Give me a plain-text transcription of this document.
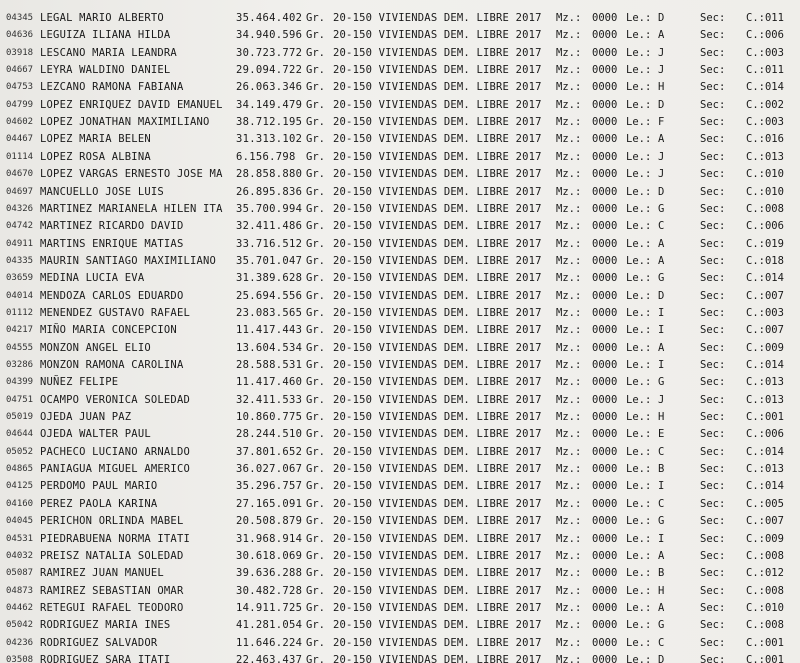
04345 LEGAL MARIO ALBERTO	35.464.402 Gr. 20-150 VIVIENDAS DEM. LIBRE 2017 Mz.: 0000 Le.: D	Sec: C.:011
04636 LEGUIZA ILIANA HILDA	34.940.596 Gr. 20-150 VIVIENDAS DEM. LIBRE 2017 Mz.: 0000 Le.: A	Sec: C.:006
03918 LESCANO MARIA LEANDRA	30.723.772 Gr. 20-150 VIVIENDAS DEM. LIBRE 2017 Mz.: 0000 Le.: J	Sec: C.:003
04667 LEYRA WALDINO DANIEL	29.094.722 Gr. 20-150 VIVIENDAS DEM. LIBRE 2017 Mz.: 0000 Le.: J	Sec: C.:011
04753 LEZCANO RAMONA FABIANA	26.063.346 Gr. 20-150 VIVIENDAS DEM. LIBRE 2017 Mz.: 0000 Le.: H	Sec: C.:014
04799 LOPEZ ENRIQUEZ DAVID EMANUEL 34.149.479 Gr. 20-150 VIVIENDAS DEM. LIBRE 2017 Mz.: 0000 Le.: D	Sec: C.:002
04602 LOPEZ JONATHAN MAXIMILIANO	38.712.195 Gr. 20-150 VIVIENDAS DEM. LIBRE 2017 Mz.: 0000 Le.: F	Sec: C.:003
04467 LOPEZ MARIA BELEN	31.313.102 Gr. 20-150 VIVIENDAS DEM. LIBRE 2017 Mz.: 0000 Le.: A	Sec: C.:016
01114 LOPEZ ROSA ALBINA	6.156.798 Gr. 20-150 VIVIENDAS DEM. LIBRE 2017 Mz.: 0000 Le.: J	Sec: C.:013
04670 LOPEZ VARGAS ERNESTO JOSE MA 28.858.880 Gr. 20-150 VIVIENDAS DEM. LIBRE 2017 Mz.: 0000 Le.: J	Sec: C.:010
04697 MANCUELLO JOSE LUIS	26.895.836 Gr. 20-150 VIVIENDAS DEM. LIBRE 2017 Mz.: 0000 Le.: D	Sec: C.:010
04326 MARTINEZ MARIANELA HILEN ITA 35.700.994 Gr. 20-150 VIVIENDAS DEM. LIBRE 2017 Mz.: 0000 Le.: G	Sec: C.:008
04742 MARTINEZ RICARDO DAVID	32.411.486 Gr. 20-150 VIVIENDAS DEM. LIBRE 2017 Mz.: 0000 Le.: C	Sec: C.:006
04911 MARTINS ENRIQUE MATIAS	33.716.512 Gr. 20-150 VIVIENDAS DEM. LIBRE 2017 Mz.: 0000 Le.: A	Sec: C.:019
04335 MAURIN SANTIAGO MAXIMILIANO 35.701.047 Gr. 20-150 VIVIENDAS DEM. LIBRE 2017 Mz.: 0000 Le.: A	Sec: C.:018
03659 MEDINA LUCIA EVA	31.389.628 Gr. 20-150 VIVIENDAS DEM. LIBRE 2017 Mz.: 0000 Le.: G	Sec: C.:014
04014 MENDOZA CARLOS EDUARDO	25.694.556 Gr. 20-150 VIVIENDAS DEM. LIBRE 2017 Mz.: 0000 Le.: D	Sec: C.:007
01112 MENENDEZ GUSTAVO RAFAEL	23.083.565 Gr. 20-150 VIVIENDAS DEM. LIBRE 2017 Mz.: 0000 Le.: I	Sec: C.:003
04217 MIÑO MARIA CONCEPCION	11.417.443 Gr. 20-150 VIVIENDAS DEM. LIBRE 2017 Mz.: 0000 Le.: I	Sec: C.:007
04555 MONZON ANGEL ELIO	13.604.534 Gr. 20-150 VIVIENDAS DEM. LIBRE 2017 Mz.: 0000 Le.: A	Sec: C.:009
03286 MONZON RAMONA CAROLINA	28.588.531 Gr. 20-150 VIVIENDAS DEM. LIBRE 2017 Mz.: 0000 Le.: I	Sec: C.:014
04399 NUÑEZ FELIPE	11.417.460 Gr. 20-150 VIVIENDAS DEM. LIBRE 2017 Mz.: 0000 Le.: G	Sec: C.:013
04751 OCAMPO VERONICA SOLEDAD	32.411.533 Gr. 20-150 VIVIENDAS DEM. LIBRE 2017 Mz.: 0000 Le.: J	Sec: C.:013
05019 OJEDA JUAN PAZ	10.860.775 Gr. 20-150 VIVIENDAS DEM. LIBRE 2017 Mz.: 0000 Le.: H	Sec: C.:001
04644 OJEDA WALTER PAUL	28.244.510 Gr. 20-150 VIVIENDAS DEM. LIBRE 2017 Mz.: 0000 Le.: E	Sec: C.:006
05052 PACHECO LUCIANO ARNALDO	37.801.652 Gr. 20-150 VIVIENDAS DEM. LIBRE 2017 Mz.: 0000 Le.: C	Sec: C.:014
04865 PANIAGUA MIGUEL AMERICO	36.027.067 Gr. 20-150 VIVIENDAS DEM. LIBRE 2017 Mz.: 0000 Le.: B	Sec: C.:013
04125 PERDOMO PAUL MARIO	35.296.757 Gr. 20-150 VIVIENDAS DEM. LIBRE 2017 Mz.: 0000 Le.: I	Sec: C.:014
04160 PEREZ PAOLA KARINA	27.165.091 Gr. 20-150 VIVIENDAS DEM. LIBRE 2017 Mz.: 0000 Le.: C	Sec: C.:005
04045 PERICHON ORLINDA MABEL	20.508.879 Gr. 20-150 VIVIENDAS DEM. LIBRE 2017 Mz.: 0000 Le.: G	Sec: C.:007
04531 PIEDRABUENA NORMA ITATI	31.968.914 Gr. 20-150 VIVIENDAS DEM. LIBRE 2017 Mz.: 0000 Le.: I	Sec: C.:009
04032 PREISZ NATALIA SOLEDAD	30.618.069 Gr. 20-150 VIVIENDAS DEM. LIBRE 2017 Mz.: 0000 Le.: A	Sec: C.:008
05087 RAMIREZ JUAN MANUEL	39.636.288 Gr. 20-150 VIVIENDAS DEM. LIBRE 2017 Mz.: 0000 Le.: B	Sec: C.:012
04873 RAMIREZ SEBASTIAN OMAR	30.482.728 Gr. 20-150 VIVIENDAS DEM. LIBRE 2017 Mz.: 0000 Le.: H	Sec: C.:008
04462 RETEGUI RAFAEL TEODORO	14.911.725 Gr. 20-150 VIVIENDAS DEM. LIBRE 2017 Mz.: 0000 Le.: A	Sec: C.:010
05042 RODRIGUEZ MARIA INES	41.281.054 Gr. 20-150 VIVIENDAS DEM. LIBRE 2017 Mz.: 0000 Le.: G	Sec: C.:008
04236 RODRIGUEZ SALVADOR	11.646.224 Gr. 20-150 VIVIENDAS DEM. LIBRE 2017 Mz.: 0000 Le.: C	Sec: C.:001
03508 RODRIGUEZ SARA ITATI	22.463.437 Gr. 20-150 VIVIENDAS DEM. LIBRE 2017 Mz.: 0000 Le.: D	Sec: C.:001
